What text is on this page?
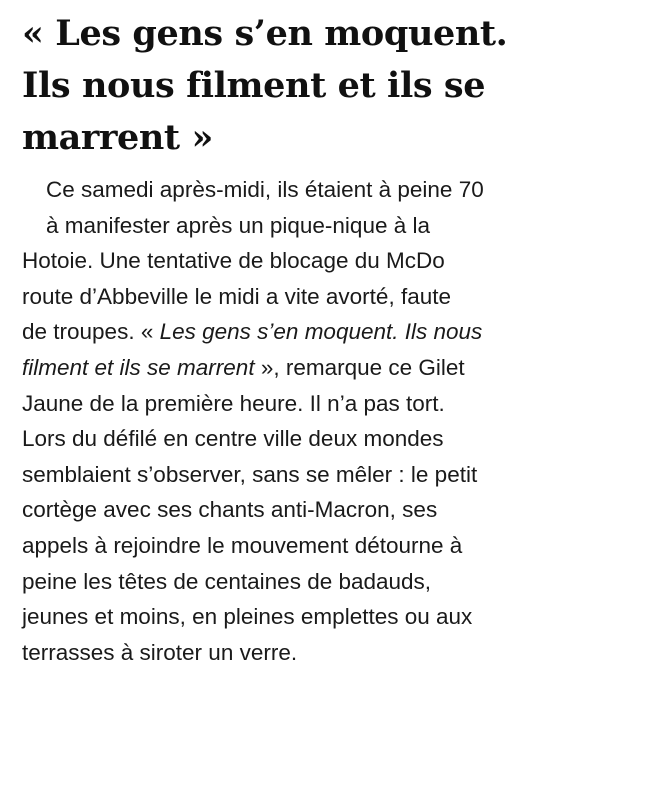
« Les gens s’en moquent.
Ils nous filment et ils se
marrent »
Ce samedi après-midi, ils étaient à peine 70
à manifester après un pique-nique à la
Hotoie. Une tentative de blocage du McDo
route d’Abbeville le midi a vite avorté, faute
de troupes. « Les gens s’en moquent. Ils nous
filment et ils se marrent », remarque ce Gilet
Jaune de la première heure. Il n’a pas tort.
Lors du défilé en centre ville deux mondes
semblaient s’observer, sans se mêler : le petit
cortège avec ses chants anti-Macron, ses
appels à rejoindre le mouvement détourne à
peine les têtes de centaines de badauds,
jeunes et moins, en pleines emplettes ou aux
terrasses à siroter un verre.
